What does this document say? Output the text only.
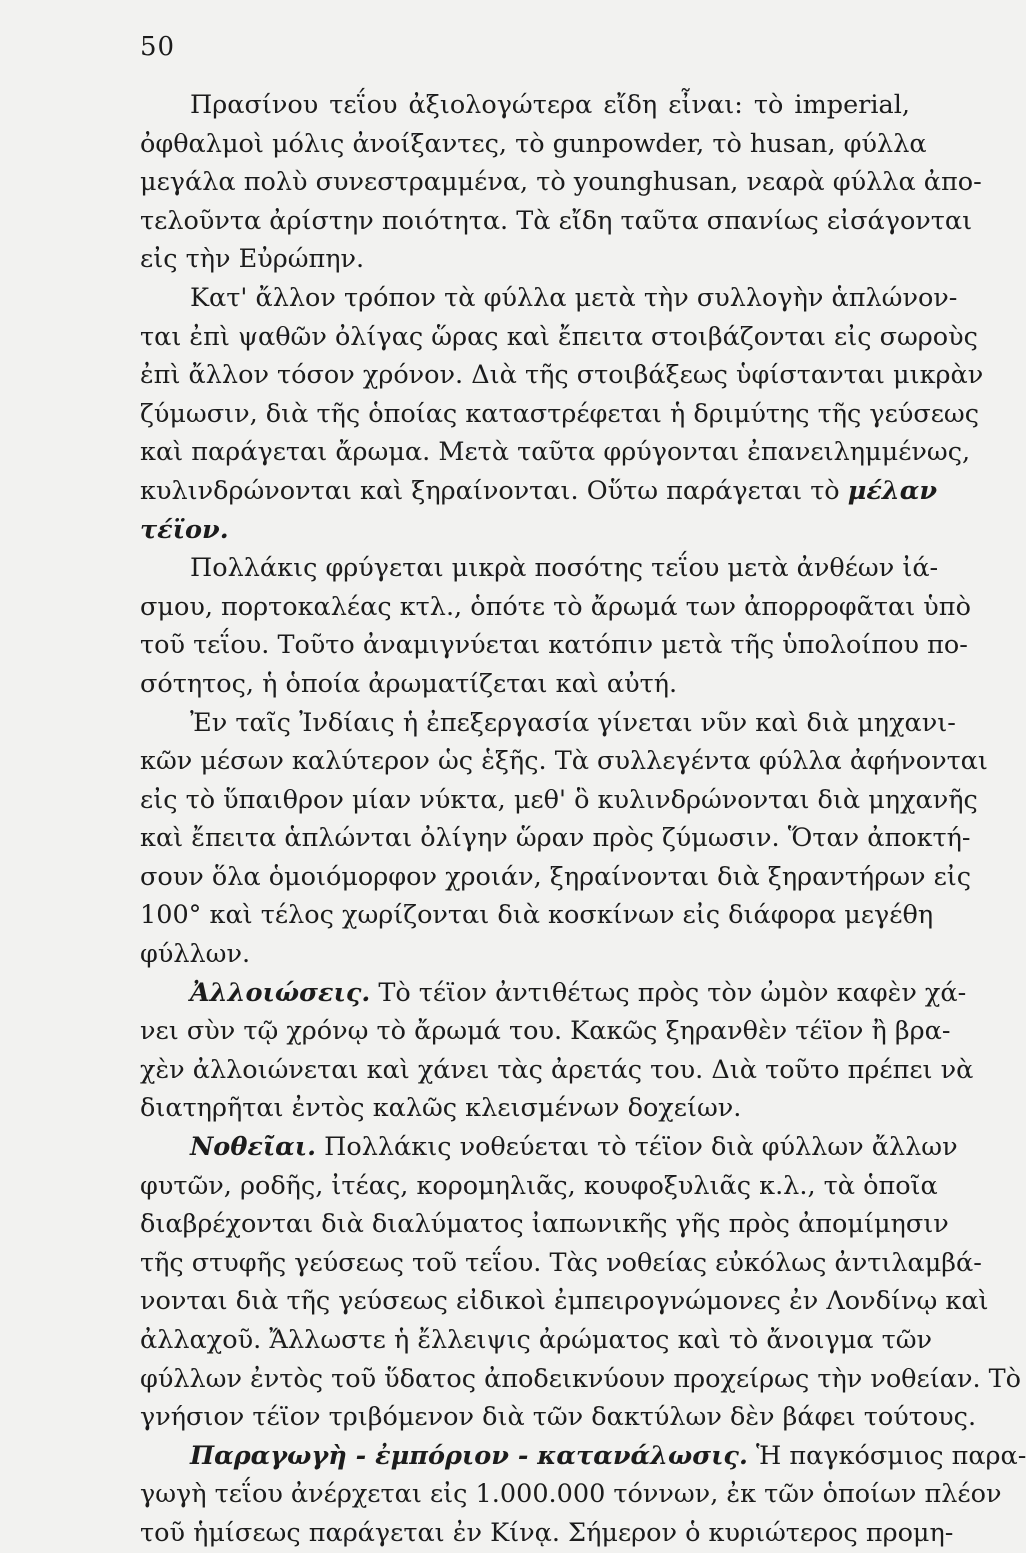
50
Πρασίνου τεΐου ἀξιολογώτερα εἴδη εἶναι: τὸ imperial,
ὀφθαλμοὶ μόλις ἀνοίξαντες, τὸ gunpowder, τὸ husan, φύλλα
μεγάλα πολὺ συνεστραμμένα, τὸ younghusan, νεαρὰ φύλλα ἀπο-
τελοῦντα ἀρίστην ποιότητα. Τὰ εἴδη ταῦτα σπανίως εἰσάγονται
εἰς τὴν Εὐρώπην.
Κατ' ἄλλον τρόπον τὰ φύλλα μετὰ τὴν συλλογὴν ἁπλώνον-
ται ἐπὶ ψαθῶν ὀλίγας ὥρας καὶ ἔπειτα στοιβάζονται εἰς σωροὺς
ἐπὶ ἄλλον τόσον χρόνον. Διὰ τῆς στοιβάξεως ὑφίστανται μικρὰν
ζύμωσιν, διὰ τῆς ὁποίας καταστρέφεται ἡ δριμύτης τῆς γεύσεως
καὶ παράγεται ἄρωμα. Μετὰ ταῦτα φρύγονται ἐπανειλημμένως,
κυλινδρώνονται καὶ ξηραίνονται. Οὕτω παράγεται τὸ μέλαν
τέϊον.
Πολλάκις φρύγεται μικρὰ ποσότης τεΐου μετὰ ἀνθέων ἰά-
σμου, πορτοκαλέας κτλ., ὁπότε τὸ ἄρωμά των ἀπορροφᾶται ὑπὸ
τοῦ τεΐου. Τοῦτο ἀναμιγνύεται κατόπιν μετὰ τῆς ὑπολοίπου πο-
σότητος, ἡ ὁποία ἀρωματίζεται καὶ αὐτή.
Ἐν ταῖς Ἰνδίαις ἡ ἐπεξεργασία γίνεται νῦν καὶ διὰ μηχανι-
κῶν μέσων καλύτερον ὡς ἑξῆς. Τὰ συλλεγέντα φύλλα ἀφήνονται
εἰς τὸ ὕπαιθρον μίαν νύκτα, μεθ' ὃ κυλινδρώνονται διὰ μηχανῆς
καὶ ἔπειτα ἁπλώνται ὀλίγην ὥραν πρὸς ζύμωσιν. Ὅταν ἀποκτή-
σουν ὅλα ὁμοιόμορφον χροιάν, ξηραίνονται διὰ ξηραντήρων εἰς
100° καὶ τέλος χωρίζονται διὰ κοσκίνων εἰς διάφορα μεγέθη
φύλλων.
Ἀλλοιώσεις. Τὸ τέϊον ἀντιθέτως πρὸς τὸν ὠμὸν καφὲν χά-
νει σὺν τῷ χρόνῳ τὸ ἄρωμά του. Κακῶς ξηρανθὲν τέϊον ἢ βρα-
χὲν ἀλλοιώνεται καὶ χάνει τὰς ἀρετάς του. Διὰ τοῦτο πρέπει νὰ
διατηρῆται ἐντὸς καλῶς κλεισμένων δοχείων.
Νοθεῖαι. Πολλάκις νοθεύεται τὸ τέϊον διὰ φύλλων ἄλλων
φυτῶν, ροδῆς, ἰτέας, κορομηλιᾶς, κουφοξυλιᾶς κ.λ., τὰ ὁποῖα
διαβρέχονται διὰ διαλύματος ἰαπωνικῆς γῆς πρὸς ἀπομίμησιν
τῆς στυφῆς γεύσεως τοῦ τεΐου. Τὰς νοθείας εὐκόλως ἀντιλαμβά-
νονται διὰ τῆς γεύσεως εἰδικοὶ ἐμπειρογνώμονες ἐν Λονδίνῳ καὶ
ἀλλαχοῦ. Ἄλλωστε ἡ ἔλλειψις ἀρώματος καὶ τὸ ἄνοιγμα τῶν
φύλλων ἐντὸς τοῦ ὕδατος ἀποδεικνύουν προχείρως τὴν νοθείαν. Τὸ
γνήσιον τέϊον τριβόμενον διὰ τῶν δακτύλων δὲν βάφει τούτους.
Παραγωγὴ - ἐμπόριον - κατανάλωσις. Ἡ παγκόσμιος παρα-
γωγὴ τεΐου ἀνέρχεται εἰς 1.000.000 τόννων, ἐκ τῶν ὁποίων πλέον
τοῦ ἡμίσεως παράγεται ἐν Κίνᾳ. Σήμερον ὁ κυριώτερος προμη-
